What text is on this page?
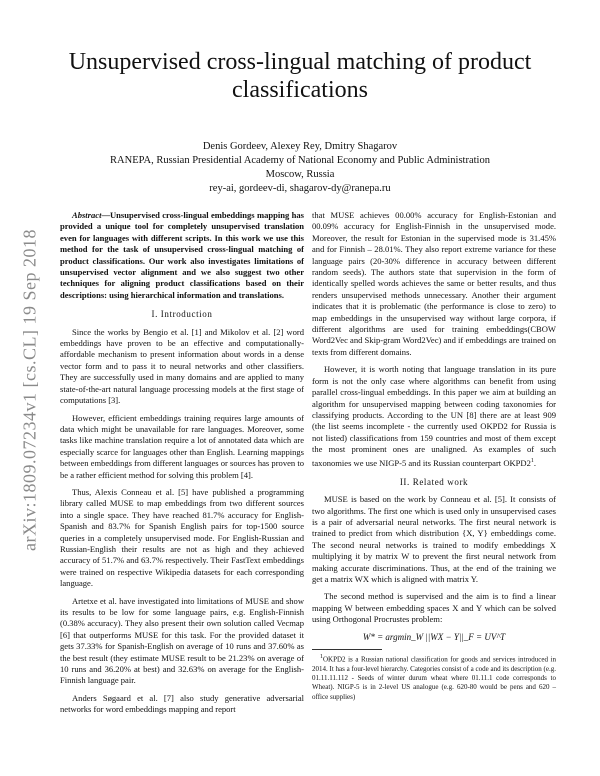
Unsupervised cross-lingual matching of product classifications
Denis Gordeev, Alexey Rey, Dmitry Shagarov
RANEPA, Russian Presidential Academy of National Economy and Public Administration
Moscow, Russia
rey-ai, gordeev-di, shagarov-dy@ranepa.ru
arXiv:1809.07234v1 [cs.CL] 19 Sep 2018

Abstract—Unsupervised cross-lingual embeddings mapping has provided a unique tool for completely unsupervised translation even for languages with different scripts. In this work we use this method for the task of unsupervised cross-lingual matching of product classifications. Our work also investigates limitations of unsupervised vector alignment and we also suggest two other techniques for aligning product classifications based on their descriptions: using hierarchical information and translations.

I. Introduction

Since the works by Bengio et al. [1] and Mikolov et al. [2] word embeddings have proven to be an effective and computationally-affordable mechanism to present information about words in a dense vector form and to pass it to neural networks and other classifiers. They are successfully used in many domains and are applied to many state-of-the-art natural language processing models at the first stage of computations [3].

However, efficient embeddings training requires large amounts of data which might be unavailable for rare languages. Moreover, some tasks like machine translation require a lot of annotated data which are especially scarce for languages other than English. Learning mappings between embeddings from different languages or sources has proven to be a rather efficient method for solving this problem [4].

Thus, Alexis Conneau et al. [5] have published a programming library called MUSE to map embeddings from two different sources into a single space. They have reached 81.7% accuracy for English-Spanish and 83.7% for Spanish English pairs for top-1500 source queries in a completely unsupervised mode. For English-Russian and Russian-English their results are not as high and they achieved accuracy of 51.7% and 63.7% respectively. Their FastText embeddings were trained on respective Wikipedia datasets for each corresponding language.

Artetxe et al. have investigated into limitations of MUSE and show its results to be low for some language pairs, e.g. English-Finnish (0.38% accuracy). They also present their own solution called Vecmap [6] that outperforms MUSE for this task. For the provided dataset it gets 37.33% for Spanish-English on average of 10 runs and 37.60% as the best result (they estimate MUSE result to be 21.23% on average of 10 runs and 36.20% at best) and 32.63% on average for the English-Finnish language pair.

Anders Søgaard et al. [7] also study generative adversarial networks for word embeddings mapping and report

that MUSE achieves 00.00% accuracy for English-Estonian and 00.09% accuracy for English-Finnish in the unsupervised mode. Moreover, the result for Estonian in the supervised mode is 31.45% and for Finnish – 28.01%. They also report extreme variance for these language pairs (20-30% difference in accuracy between different random seeds). The authors state that supervision in the form of identically spelled words achieves the same or better results, and thus renders unsupervised methods unnecessary. Another their argument indicates that it is problematic (the performance is close to zero) to map embeddings in the unsupervised way without large corpora, if different algorithms are used for training embeddings(CBOW Word2Vec and Skip-gram Word2Vec) and if embeddings are trained on texts from different domains.

However, it is worth noting that language translation in its pure form is not the only case where algorithms can benefit from using parallel cross-lingual embeddings. In this paper we aim at building an algorithm for unsupervised mapping between coding taxonomies for classifying products. According to the UN [8] there are at least 909 (the list seems incomplete - the currently used OKPD2 for Russia is not listed) classifications from 159 countries and most of them except the most prominent ones are unaligned. As examples of such taxonomies we use NIGP-5 and its Russian counterpart $OKPD2^1$.

II. Related work

MUSE is based on the work by Conneau et al. [5]. It consists of two algorithms. The first one which is used only in unsupervised cases is a pair of adversarial neural networks. The first neural network is trained to predict from which distribution {X, Y} embeddings come. The second neural networks is trained to modify embeddings X multiplying it by matrix W to prevent the first neural network from making accurate discriminations. Thus, at the end of the training we get a matrix WX which is aligned with matrix Y.

The second method is supervised and the aim is to find a linear mapping W between embedding spaces X and Y which can be solved using Orthogonal Procrustes problem:

W* = argmin_W ||WX − Y||_F = UV^T
$^1$OKPD2 is a Russian national classification for goods and services introduced in 2014. It has a four-level hierarchy. Categories consist of a code and its description (e.g. 01.11.11.112 - Seeds of winter durum wheat where 01.11.1 code corresponds to Wheat). NIGP-5 is in 2-level US analogue (e.g. 620-80 would be pens and 620 – office supplies)
